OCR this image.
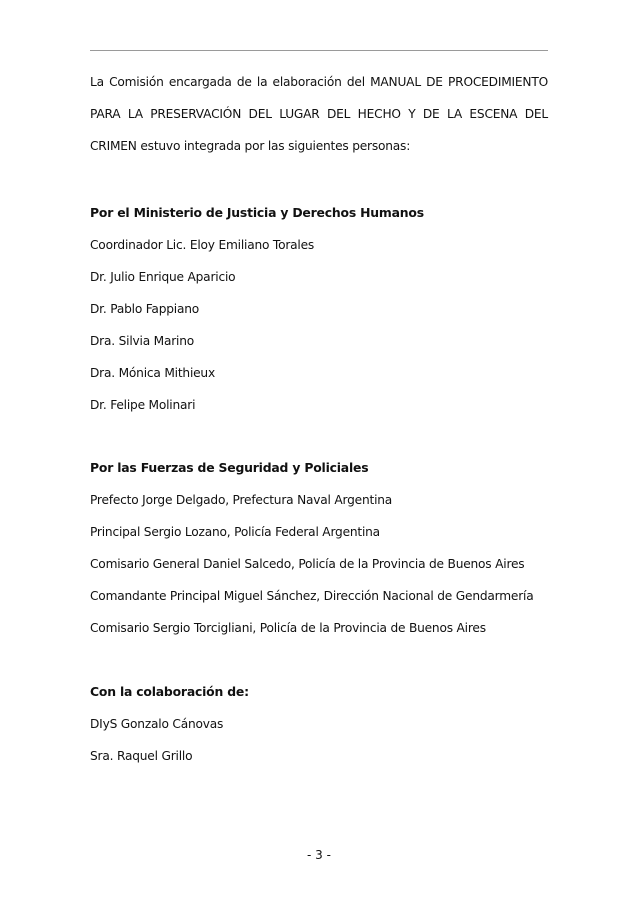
La Comisión encargada de la elaboración del MANUAL DE PROCEDIMIENTO PARA LA PRESERVACIÓN DEL LUGAR DEL HECHO Y DE LA ESCENA DEL CRIMEN estuvo integrada por las siguientes personas:

Por el Ministerio de Justicia y Derechos Humanos

Coordinador Lic. Eloy Emiliano Torales

Dr. Julio Enrique Aparicio

Dr. Pablo Fappiano

Dra. Silvia Marino

Dra. Mónica Mithieux

Dr. Felipe Molinari

Por las Fuerzas de Seguridad y Policiales

Prefecto Jorge Delgado, Prefectura Naval Argentina

Principal Sergio Lozano, Policía Federal Argentina

Comisario General Daniel Salcedo, Policía de la Provincia de Buenos Aires

Comandante Principal Miguel Sánchez, Dirección Nacional de Gendarmería

Comisario Sergio Torcigliani, Policía de la Provincia de Buenos Aires

Con la colaboración de:

DIyS Gonzalo Cánovas

Sra. Raquel Grillo

- 3 -
